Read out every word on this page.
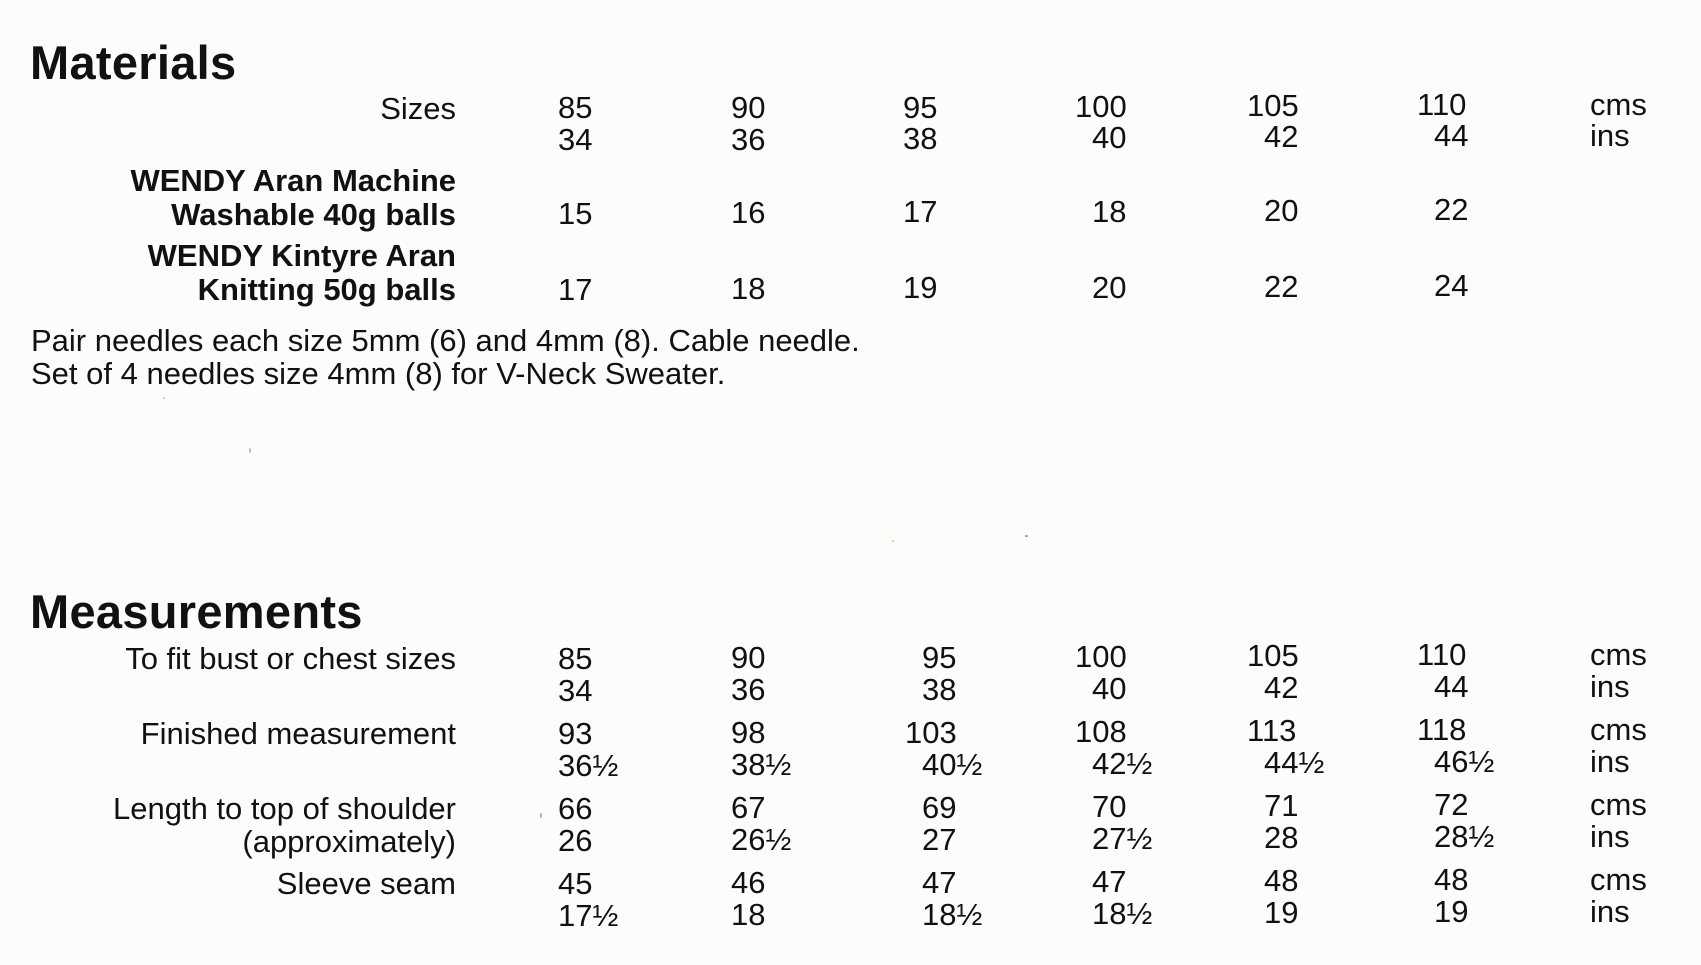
Materials
Sizes	85	90	95	100	105	110	cms
34	36	38	40	42	44	ins
WENDY Aran Machine
Washable 40g balls	15	16	17	18	20	22
WENDY Kintyre Aran
Knitting 50g balls	17	18	19	20	22	24
Pair needles each size 5mm (6) and 4mm (8). Cable needle.
Set of 4 needles size 4mm (8) for V-Neck Sweater.
Measurements
To fit bust or chest sizes	85	90	95	100	105	110	cms
34	36	38	40	42	44	ins
Finished measurement	93	98	103	108	113	118	cms
36½	38½	40½	42½	44½	46½	ins
Length to top of shoulder
(approximately)
66	67	69	70	71	72	cms
26	26½	27	27½	28	28½	ins
Sleeve seam	45	46	47	47	48	48	cms
17½	18	18½	18½	19	19	ins
